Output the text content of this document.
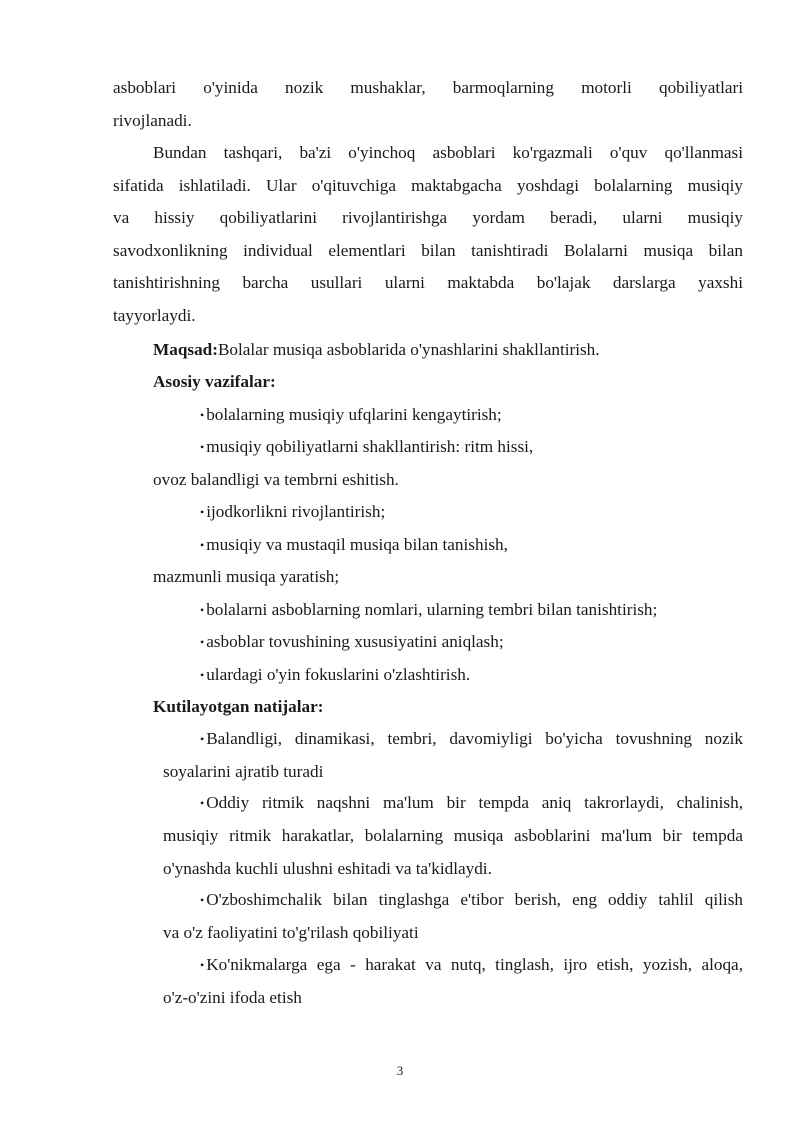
asboblari o'yinida nozik mushaklar, barmoqlarning motorli qobiliyatlari
rivojlanadi.
Bundan tashqari, ba'zi o'yinchoq asboblari ko'rgazmali o'quv qo'llanmasi
sifatida ishlatiladi. Ular o'qituvchiga maktabgacha yoshdagi bolalarning musiqiy
va hissiy qobiliyatlarini rivojlantirishga yordam beradi, ularni musiqiy
savodxonlikning individual elementlari bilan tanishtiradi Bolalarni musiqa bilan
tanishtirishning barcha usullari ularni maktabda bo'lajak darslarga yaxshi
tayyorlaydi.

Maqsad:Bolalar musiqa asboblarida o'ynashlarini shakllantirish.

Asosiy vazifalar:

• bolalarning musiqiy ufqlarini kengaytirish;

• musiqiy qobiliyatlarni shakllantirish: ritm hissi,

ovoz balandligi va tembrni eshitish.

• ijodkorlikni rivojlantirish;

• musiqiy va mustaqil musiqa bilan tanishish,

mazmunli musiqa yaratish;

• bolalarni asboblarning nomlari, ularning tembri bilan tanishtirish;

• asboblar tovushining xususiyatini aniqlash;

• ulardagi o'yin fokuslarini o'zlashtirish.

Kutilayotgan natijalar:

• Balandligi, dinamikasi, tembri, davomiyligi bo'yicha tovushning nozik
soyalarini ajratib turadi
• Oddiy ritmik naqshni ma'lum bir tempda aniq takrorlaydi, chalinish,
musiqiy ritmik harakatlar, bolalarning musiqa asboblarini ma'lum bir tempda
o'ynashda kuchli ulushni eshitadi va ta'kidlaydi.
• O'zboshimchalik bilan tinglashga e'tibor berish, eng oddiy tahlil qilish
va o'z faoliyatini to'g'rilash qobiliyati
• Ko'nikmalarga ega - harakat va nutq, tinglash, ijro etish, yozish, aloqa,
o'z-o'zini ifoda etish
3
